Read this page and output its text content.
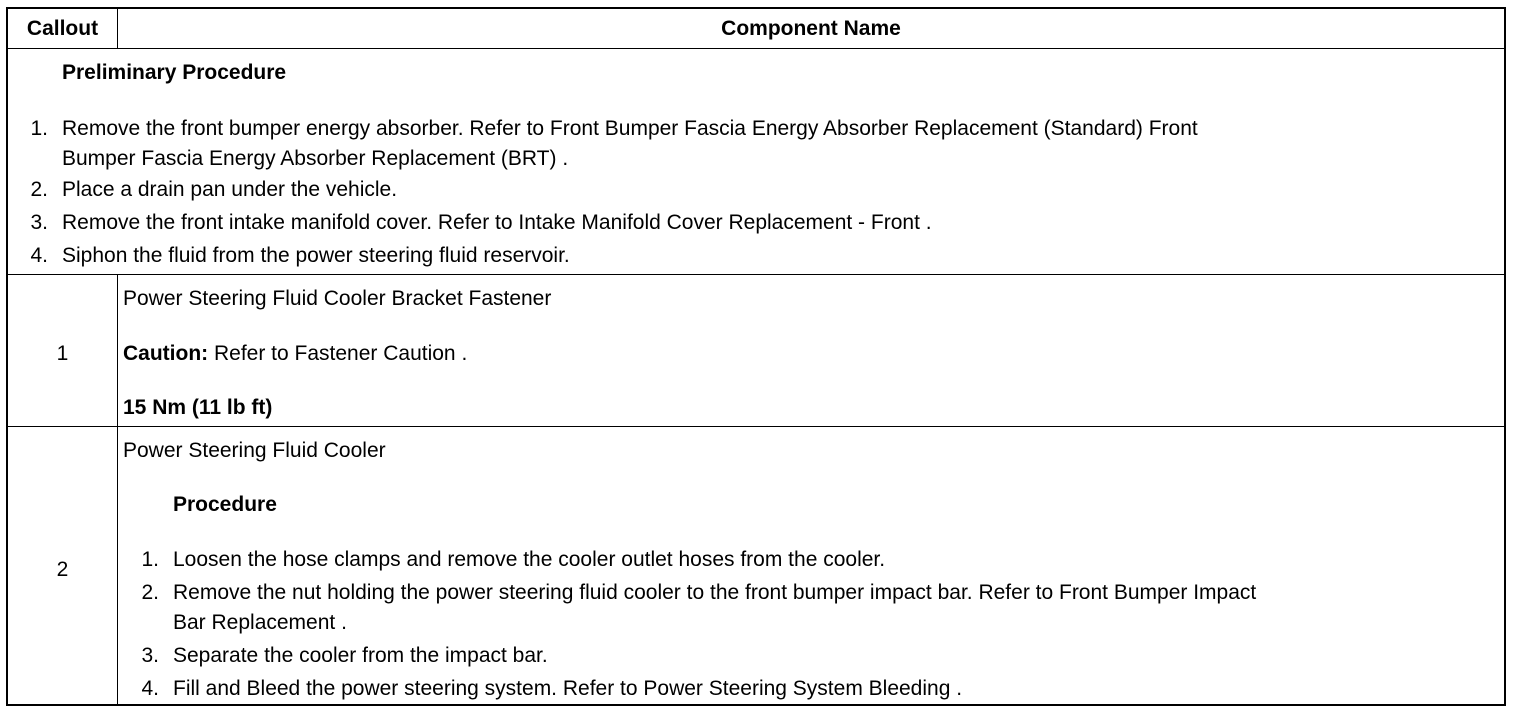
Callout	Component Name
Preliminary Procedure
1. Remove the front bumper energy absorber. Refer to Front Bumper Fascia Energy Absorber Replacement (Standard) Front
Bumper Fascia Energy Absorber Replacement (BRT) .
2. Place a drain pan under the vehicle.
3. Remove the front intake manifold cover. Refer to Intake Manifold Cover Replacement - Front .
4. Siphon the fluid from the power steering fluid reservoir.
1
Power Steering Fluid Cooler Bracket Fastener
Caution: Refer to Fastener Caution .
15 Nm (11 lb ft)
2
Power Steering Fluid Cooler
Procedure
1. Loosen the hose clamps and remove the cooler outlet hoses from the cooler.
2. Remove the nut holding the power steering fluid cooler to the front bumper impact bar. Refer to Front Bumper Impact
Bar Replacement .
3. Separate the cooler from the impact bar.
4. Fill and Bleed the power steering system. Refer to Power Steering System Bleeding .
